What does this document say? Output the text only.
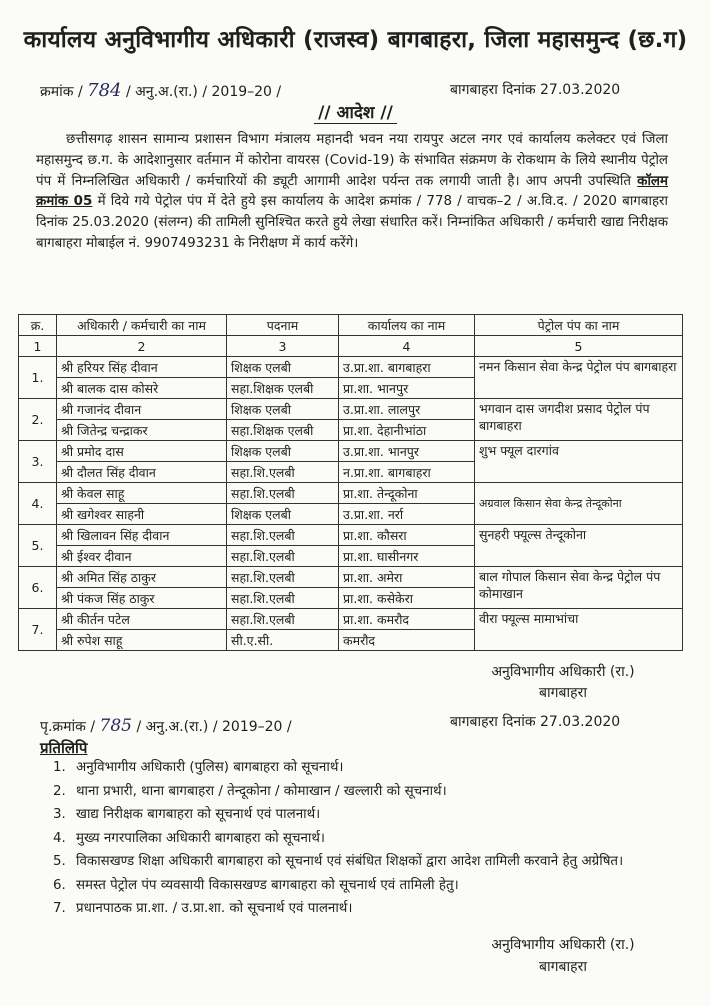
कार्यालय अनुविभागीय अधिकारी (राजस्व) बागबाहरा, जिला महासमुन्द (छ.ग)
क्रमांक / 784 / अनु.अ.(रा.) / 2019–20 /	बागबाहरा दिनांक 27.03.2020
// आदेश //

छत्तीसगढ़ शासन सामान्य प्रशासन विभाग मंत्रालय महानदी भवन नया रायपुर अटल नगर एवं कार्यालय कलेक्टर एवं जिला महासमुन्द छ.ग. के आदेशानुसार वर्तमान में कोरोना वायरस (Covid-19) के संभावित संक्रमण के रोकथाम के लिये स्थानीय पेट्रोल पंप में निम्नलिखित अधिकारी / कर्मचारियों की ड्यूटी आगामी आदेश पर्यन्त तक लगायी जाती है। आप अपनी उपस्थिति कॉलम क्रमांक 05 में दिये गये पेट्रोल पंप में देते हुये इस कार्यालय के आदेश क्रमांक / 778 / वाचक–2 / अ.वि.द. / 2020 बागबाहरा दिनांक 25.03.2020 (संलग्न) की तामिली सुनिश्चित करते हुये लेखा संधारित करें। निम्नांकित अधिकारी / कर्मचारी खाद्य निरीक्षक बागबाहरा मोबाईल नं. 9907493231 के निरीक्षण में कार्य करेंगे।

क्र.	अधिकारी / कर्मचारी का नाम	पदनाम	कार्यालय का नाम	पेट्रोल पंप का नाम
1	2	3	4	5
1.	श्री हरियर सिंह दीवान	शिक्षक एलबी	उ.प्रा.शा. बागबाहरा	नमन किसान सेवा केन्द्र पेट्रोल पंप बागबाहरा
	श्री बालक दास कोसरे	सहा.शिक्षक एलबी	प्रा.शा. भानपुर	
2.	श्री गजानंद दीवान	शिक्षक एलबी	उ.प्रा.शा. लालपुर	भगवान दास जगदीश प्रसाद पेट्रोल पंप बागबाहरा
	श्री जितेन्द्र चन्द्राकर	सहा.शिक्षक एलबी	प्रा.शा. देहानीभांठा	
3.	श्री प्रमोद दास	शिक्षक एलबी	उ.प्रा.शा. भानपुर	शुभ फ्यूल दारगांव
	श्री दौलत सिंह दीवान	सहा.शि.एलबी	न.प्रा.शा. बागबाहरा	
4.	श्री केवल साहू	सहा.शि.एलबी	प्रा.शा. तेन्दूकोना	अग्रवाल किसान सेवा केन्द्र तेन्दूकोना
	श्री खगेश्वर साहनी	शिक्षक एलबी	उ.प्रा.शा. नर्रा	
5.	श्री खिलावन सिंह दीवान	सहा.शि.एलबी	प्रा.शा. कौसरा	सुनहरी फ्यूल्स तेन्दूकोना
	श्री ईश्वर दीवान	सहा.शि.एलबी	प्रा.शा. घासीनगर	
6.	श्री अमित सिंह ठाकुर	सहा.शि.एलबी	प्रा.शा. अमेरा	बाल गोपाल किसान सेवा केन्द्र पेट्रोल पंप कोमाखान
	श्री पंकज सिंह ठाकुर	सहा.शि.एलबी	प्रा.शा. कसेकेरा	
7.	श्री कीर्तन पटेल	सहा.शि.एलबी	प्रा.शा. कमरौद	वीरा फ्यूल्स मामाभांचा
	श्री रुपेश साहू	सी.ए.सी.	कमरौद	
अनुविभागीय अधिकारी (रा.)
बागबाहरा
पृ.क्रमांक / 785 / अनु.अ.(रा.) / 2019–20 /	बागबाहरा दिनांक 27.03.2020
प्रतिलिपि
1. अनुविभागीय अधिकारी (पुलिस) बागबाहरा को सूचनार्थ।
2. थाना प्रभारी, थाना बागबाहरा / तेन्दूकोना / कोमाखान / खल्लारी को सूचनार्थ।
3. खाद्य निरीक्षक बागबाहरा को सूचनार्थ एवं पालनार्थ।
4. मुख्य नगरपालिका अधिकारी बागबाहरा को सूचनार्थ।
5. विकासखण्ड शिक्षा अधिकारी बागबाहरा को सूचनार्थ एवं संबंधित शिक्षकों द्वारा आदेश तामिली करवाने हेतु अग्रेषित।
6. समस्त पेट्रोल पंप व्यवसायी विकासखण्ड बागबाहरा को सूचनार्थ एवं तामिली हेतु।
7. प्रधानपाठक प्रा.शा. / उ.प्रा.शा. को सूचनार्थ एवं पालनार्थ।
अनुविभागीय अधिकारी (रा.)
बागबाहरा
